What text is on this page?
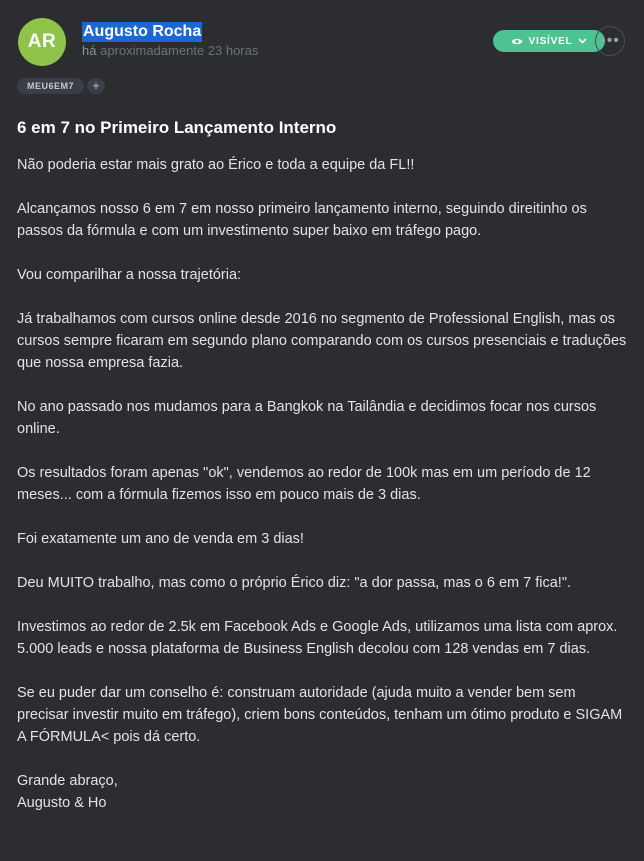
AR	Augusto Rocha
há aproximadamente 23 horas
VISÍVEL •••
MEU6EM7	+
6 em 7 no Primeiro Lançamento Interno

Não poderia estar mais grato ao Érico e toda a equipe da FL!!

Alcançamos nosso 6 em 7 em nosso primeiro lançamento interno, seguindo direitinho os passos da fórmula e com um investimento super baixo em tráfego pago.

Vou comparilhar a nossa trajetória:

Já trabalhamos com cursos online desde 2016 no segmento de Professional English, mas os cursos sempre ficaram em segundo plano comparando com os cursos presenciais e traduções que nossa empresa fazia.

No ano passado nos mudamos para a Bangkok na Tailândia e decidimos focar nos cursos online.

Os resultados foram apenas "ok", vendemos ao redor de 100k mas em um período de 12 meses... com a fórmula fizemos isso em pouco mais de 3 dias.

Foi exatamente um ano de venda em 3 dias!

Deu MUITO trabalho, mas como o próprio Érico diz: "a dor passa, mas o 6 em 7 fica!".

Investimos ao redor de 2.5k em Facebook Ads e Google Ads, utilizamos uma lista com aprox. 5.000 leads e nossa plataforma de Business English decolou com 128 vendas em 7 dias.

Se eu puder dar um conselho é: construam autoridade (ajuda muito a vender bem sem precisar investir muito em tráfego), criem bons conteúdos, tenham um ótimo produto e SIGAM A FÓRMULA< pois dá certo.

Grande abraço,

Augusto & Ho
